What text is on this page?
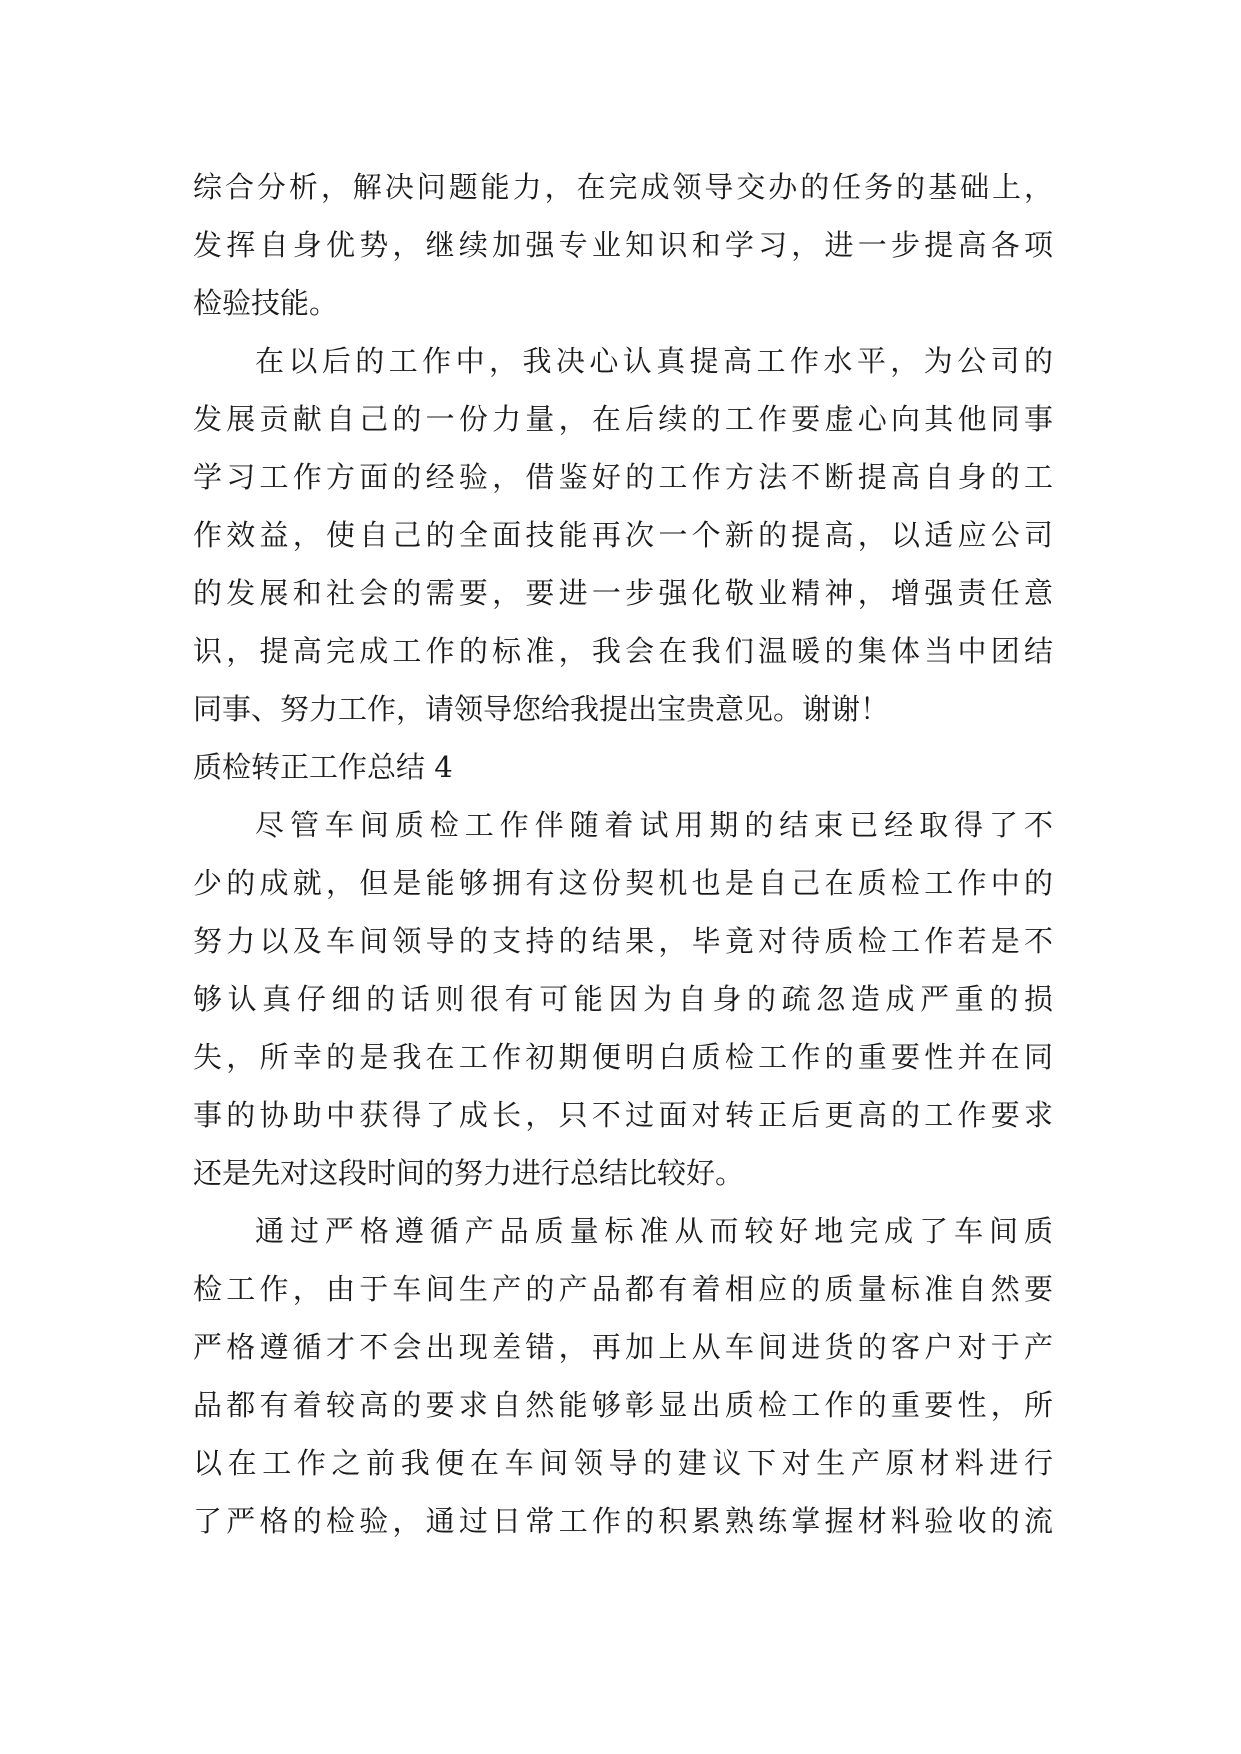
综合分析，解决问题能力，在完成领导交办的任务的基础上，
发挥自身优势，继续加强专业知识和学习，进一步提高各项
检验技能。
在以后的工作中，我决心认真提高工作水平，为公司的
发展贡献自己的一份力量，在后续的工作要虚心向其他同事
学习工作方面的经验，借鉴好的工作方法不断提高自身的工
作效益，使自己的全面技能再次一个新的提高，以适应公司
的发展和社会的需要，要进一步强化敬业精神，增强责任意
识，提高完成工作的标准，我会在我们温暖的集体当中团结
同事、努力工作，请领导您给我提出宝贵意见。谢谢！
质检转正工作总结 4
尽管车间质检工作伴随着试用期的结束已经取得了不
少的成就，但是能够拥有这份契机也是自己在质检工作中的
努力以及车间领导的支持的结果，毕竟对待质检工作若是不
够认真仔细的话则很有可能因为自身的疏忽造成严重的损
失，所幸的是我在工作初期便明白质检工作的重要性并在同
事的协助中获得了成长，只不过面对转正后更高的工作要求
还是先对这段时间的努力进行总结比较好。
通过严格遵循产品质量标准从而较好地完成了车间质
检工作，由于车间生产的产品都有着相应的质量标准自然要
严格遵循才不会出现差错，再加上从车间进货的客户对于产
品都有着较高的要求自然能够彰显出质检工作的重要性，所
以在工作之前我便在车间领导的建议下对生产原材料进行
了严格的检验，通过日常工作的积累熟练掌握材料验收的流
